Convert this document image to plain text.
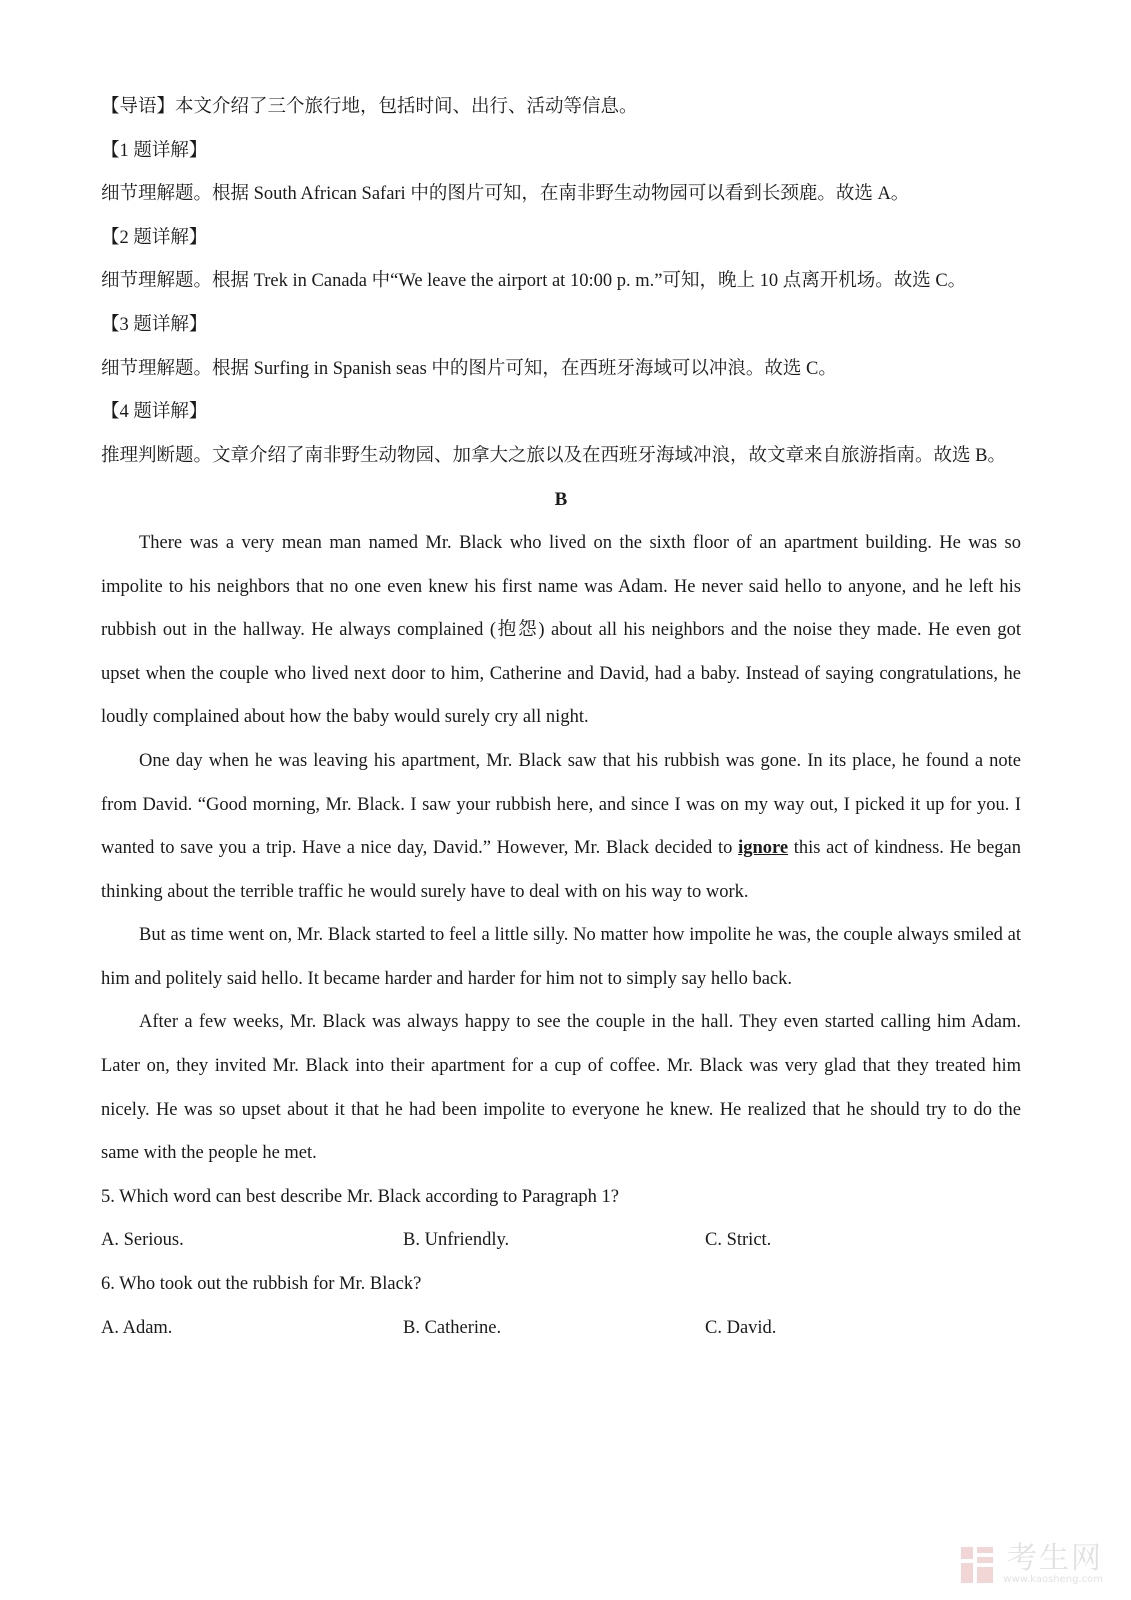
【导语】本文介绍了三个旅行地，包括时间、出行、活动等信息。

【1 题详解】

细节理解题。根据 South African Safari 中的图片可知，在南非野生动物园可以看到长颈鹿。故选 A。

【2 题详解】

细节理解题。根据 Trek in Canada 中“We leave the airport at 10:00 p. m.”可知，晚上 10 点离开机场。故选 C。

【3 题详解】

细节理解题。根据 Surfing in Spanish seas 中的图片可知，在西班牙海域可以冲浪。故选 C。

【4 题详解】

推理判断题。文章介绍了南非野生动物园、加拿大之旅以及在西班牙海域冲浪，故文章来自旅游指南。故选 B。

B

There was a very mean man named Mr. Black who lived on the sixth floor of an apartment building. He was so impolite to his neighbors that no one even knew his first name was Adam. He never said hello to anyone, and he left his rubbish out in the hallway. He always complained (抱怨) about all his neighbors and the noise they made. He even got upset when the couple who lived next door to him, Catherine and David, had a baby. Instead of saying congratulations, he loudly complained about how the baby would surely cry all night.

One day when he was leaving his apartment, Mr. Black saw that his rubbish was gone. In its place, he found a note from David. “Good morning, Mr. Black. I saw your rubbish here, and since I was on my way out, I picked it up for you. I wanted to save you a trip. Have a nice day, David.” However, Mr. Black decided to ignore this act of kindness. He began thinking about the terrible traffic he would surely have to deal with on his way to work.

But as time went on, Mr. Black started to feel a little silly. No matter how impolite he was, the couple always smiled at him and politely said hello. It became harder and harder for him not to simply say hello back.

After a few weeks, Mr. Black was always happy to see the couple in the hall. They even started calling him Adam. Later on, they invited Mr. Black into their apartment for a cup of coffee. Mr. Black was very glad that they treated him nicely. He was so upset about it that he had been impolite to everyone he knew. He realized that he should try to do the same with the people he met.

5. Which word can best describe Mr. Black according to Paragraph 1?

A. Serious.	B. Unfriendly.	C. Strict.

6. Who took out the rubbish for Mr. Black?

A. Adam.	B. Catherine.	C. David.
考生网
www.kaosheng.com
